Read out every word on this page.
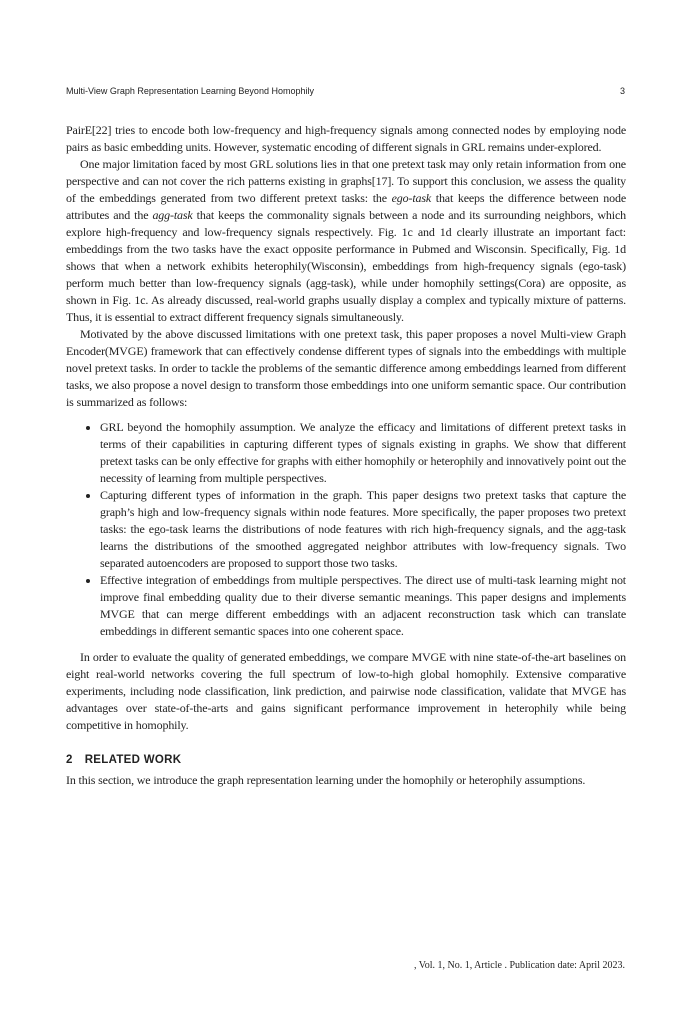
Multi-View Graph Representation Learning Beyond Homophily	3

PairE[22] tries to encode both low-frequency and high-frequency signals among connected nodes by employing node pairs as basic embedding units. However, systematic encoding of different signals in GRL remains under-explored.

One major limitation faced by most GRL solutions lies in that one pretext task may only retain information from one perspective and can not cover the rich patterns existing in graphs[17]. To support this conclusion, we assess the quality of the embeddings generated from two different pretext tasks: the ego-task that keeps the difference between node attributes and the agg-task that keeps the commonality signals between a node and its surrounding neighbors, which explore high-frequency and low-frequency signals respectively. Fig. 1c and 1d clearly illustrate an important fact: embeddings from the two tasks have the exact opposite performance in Pubmed and Wisconsin. Specifically, Fig. 1d shows that when a network exhibits heterophily(Wisconsin), embeddings from high-frequency signals (ego-task) perform much better than low-frequency signals (agg-task), while under homophily settings(Cora) are opposite, as shown in Fig. 1c. As already discussed, real-world graphs usually display a complex and typically mixture of patterns. Thus, it is essential to extract different frequency signals simultaneously.

Motivated by the above discussed limitations with one pretext task, this paper proposes a novel Multi-view Graph Encoder(MVGE) framework that can effectively condense different types of signals into the embeddings with multiple novel pretext tasks. In order to tackle the problems of the semantic difference among embeddings learned from different tasks, we also propose a novel design to transform those embeddings into one uniform semantic space. Our contribution is summarized as follows:

• GRL beyond the homophily assumption. We analyze the efficacy and limitations of different pretext tasks in terms of their capabilities in capturing different types of signals existing in graphs. We show that different pretext tasks can be only effective for graphs with either homophily or heterophily and innovatively point out the necessity of learning from multiple perspectives.
• Capturing different types of information in the graph. This paper designs two pretext tasks that capture the graph’s high and low-frequency signals within node features. More specifically, the paper proposes two pretext tasks: the ego-task learns the distributions of node features with rich high-frequency signals, and the agg-task learns the distributions of the smoothed aggregated neighbor attributes with low-frequency signals. Two separated autoencoders are proposed to support those two tasks.
• Effective integration of embeddings from multiple perspectives. The direct use of multi-task learning might not improve final embedding quality due to their diverse semantic meanings. This paper designs and implements MVGE that can merge different embeddings with an adjacent reconstruction task which can translate embeddings in different semantic spaces into one coherent space.

In order to evaluate the quality of generated embeddings, we compare MVGE with nine state-of-the-art baselines on eight real-world networks covering the full spectrum of low-to-high global homophily. Extensive comparative experiments, including node classification, link prediction, and pairwise node classification, validate that MVGE has advantages over state-of-the-arts and gains significant performance improvement in heterophily while being competitive in homophily.

2 RELATED WORK

In this section, we introduce the graph representation learning under the homophily or heterophily assumptions.

, Vol. 1, No. 1, Article . Publication date: April 2023.
